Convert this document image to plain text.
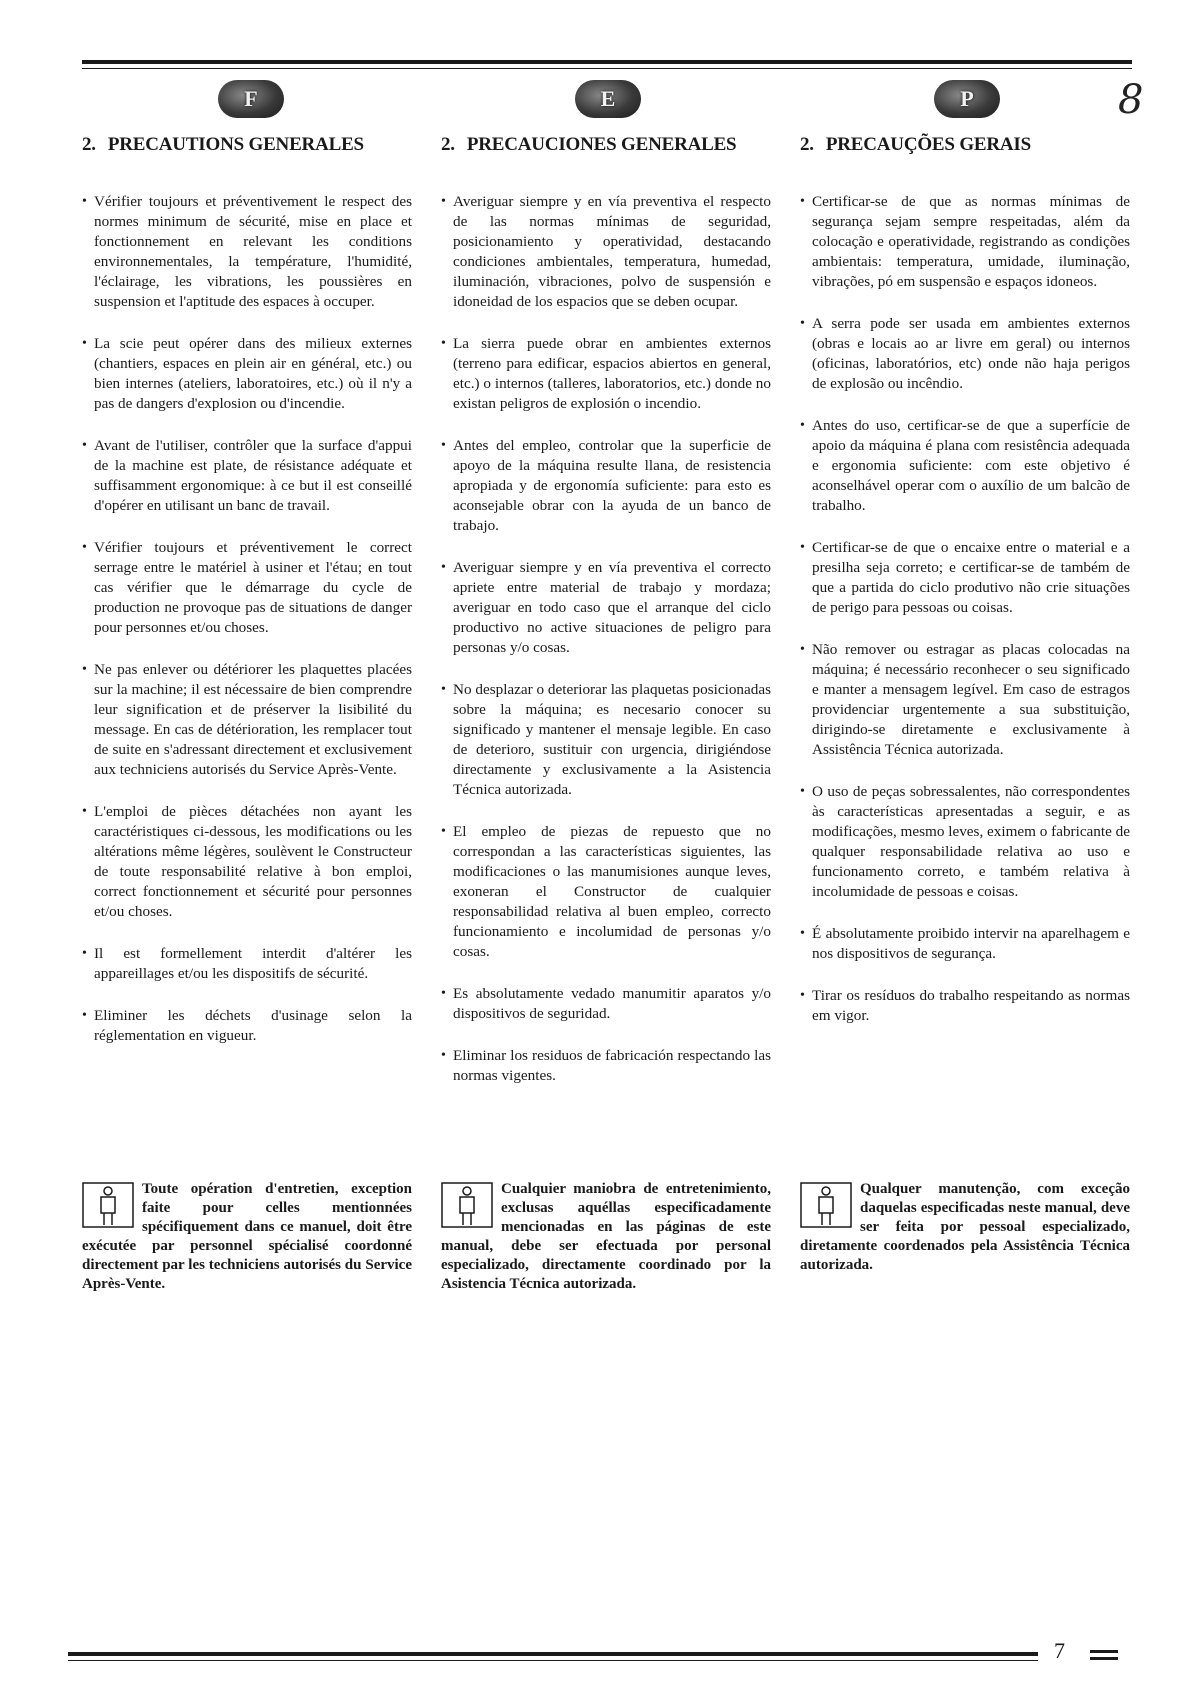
8
F
2. PRECAUTIONS GENERALES
• Vérifier toujours et préventivement le respect des normes minimum de sécurité, mise en place et fonctionnement en relevant les conditions environnementales, la température, l'humidité, l'éclairage, les vibrations, les poussières en suspension et l'aptitude des espaces à occuper.
• La scie peut opérer dans des milieux externes (chantiers, espaces en plein air en général, etc.) ou bien internes (ateliers, laboratoires, etc.) où il n'y a pas de dangers d'explosion ou d'incendie.
• Avant de l'utiliser, contrôler que la surface d'appui de la machine est plate, de résistance adéquate et suffisamment ergonomique: à ce but il est conseillé d'opérer en utilisant un banc de travail.
• Vérifier toujours et préventivement le correct serrage entre le matériel à usiner et l'étau; en tout cas vérifier que le démarrage du cycle de production ne provoque pas de situations de danger pour personnes et/ou choses.
• Ne pas enlever ou détériorer les plaquettes placées sur la machine; il est nécessaire de bien comprendre leur signification et de préserver la lisibilité du message. En cas de détérioration, les remplacer tout de suite en s'adressant directement et exclusivement aux techniciens autorisés du Service Après-Vente.
• L'emploi de pièces détachées non ayant les caractéristiques ci-dessous, les modifications ou les altérations même légères, soulèvent le Constructeur de toute responsabilité relative à bon emploi, correct fonctionnement et sécurité pour personnes et/ou choses.
• Il est formellement interdit d'altérer les appareillages et/ou les dispositifs de sécurité.
• Eliminer les déchets d'usinage selon la réglementation en vigueur.
E
2. PRECAUCIONES GENERALES
• Averiguar siempre y en vía preventiva el respecto de las normas mínimas de seguridad, posicionamiento y operatividad, destacando condiciones ambientales, temperatura, humedad, iluminación, vibraciones, polvo de suspensión e idoneidad de los espacios que se deben ocupar.
• La sierra puede obrar en ambientes externos (terreno para edificar, espacios abiertos en general, etc.) o internos (talleres, laboratorios, etc.) donde no existan peligros de explosión o incendio.
• Antes del empleo, controlar que la superficie de apoyo de la máquina resulte llana, de resistencia apropiada y de ergonomía suficiente: para esto es aconsejable obrar con la ayuda de un banco de trabajo.
• Averiguar siempre y en vía preventiva el correcto apriete entre material de trabajo y mordaza; averiguar en todo caso que el arranque del ciclo productivo no active situaciones de peligro para personas y/o cosas.
• No desplazar o deteriorar las plaquetas posicionadas sobre la máquina; es necesario conocer su significado y mantener el mensaje legible. En caso de deterioro, sustituir con urgencia, dirigiéndose directamente y exclusivamente a la Asistencia Técnica autorizada.
• El empleo de piezas de repuesto que no correspondan a las características siguientes, las modificaciones o las manumisiones aunque leves, exoneran el Constructor de cualquier responsabilidad relativa al buen empleo, correcto funcionamiento e incolumidad de personas y/o cosas.
• Es absolutamente vedado manumitir aparatos y/o dispositivos de seguridad.
• Eliminar los residuos de fabricación respectando las normas vigentes.
P
2. PRECAUÇÕES GERAIS
• Certificar-se de que as normas mínimas de segurança sejam sempre respeitadas, além da colocação e operatividade, registrando as condições ambientais: temperatura, umidade, iluminação, vibrações, pó em suspensão e espaços idoneos.
• A serra pode ser usada em ambientes externos (obras e locais ao ar livre em geral) ou internos (oficinas, laboratórios, etc) onde não haja perigos de explosão ou incêndio.
• Antes do uso, certificar-se de que a superfície de apoio da máquina é plana com resistência adequada e ergonomia suficiente: com este objetivo é aconselhável operar com o auxílio de um balcão de trabalho.
• Certificar-se de que o encaixe entre o material e a presilha seja correto; e certificar-se de também de que a partida do ciclo produtivo não crie situações de perigo para pessoas ou coisas.
• Não remover ou estragar as placas colocadas na máquina; é necessário reconhecer o seu significado e manter a mensagem legível. Em caso de estragos providenciar urgentemente a sua substituição, dirigindo-se diretamente e exclusivamente à Assistência Técnica autorizada.
• O uso de peças sobressalentes, não correspondentes às características apresentadas a seguir, e as modificações, mesmo leves, eximem o fabricante de qualquer responsabilidade relativa ao uso e funcionamento correto, e também relativa à incolumidade de pessoas e coisas.
• É absolutamente proibido intervir na aparelhagem e nos dispositivos de segurança.
• Tirar os resíduos do trabalho respeitando as normas em vigor.
Toute opération d'entretien, exception faite pour celles mentionnées spécifiquement dans ce manuel, doit être exécutée par personnel spécialisé coordonné directement par les techniciens autorisés du Service Après-Vente.
Cualquier maniobra de entretenimiento, exclusas aquéllas especificadamente mencionadas en las páginas de este manual, debe ser efectuada por personal especializado, directamente coordinado por la Asistencia Técnica autorizada.
Qualquer manutenção, com exceção daquelas especificadas neste manual, deve ser feita por pessoal especializado, diretamente coordenados pela Assistência Técnica autorizada.
7
